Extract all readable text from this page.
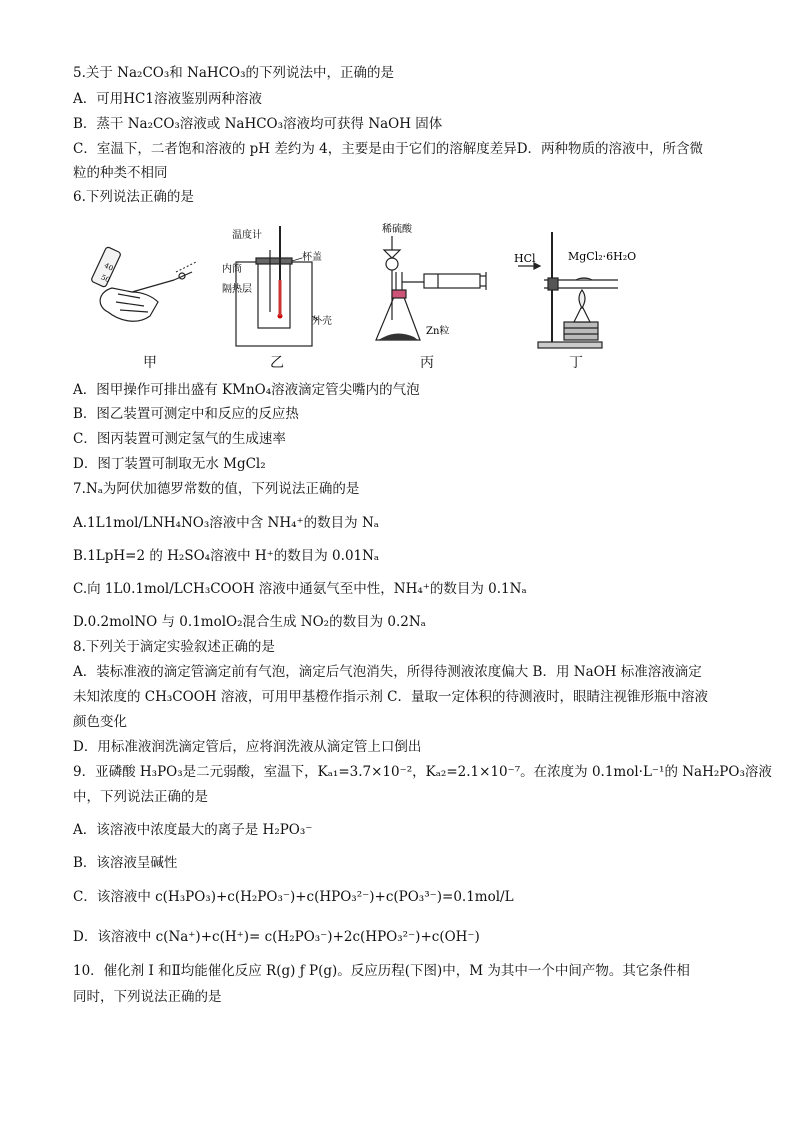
5.关于 Na₂CO₃和 NaHCO₃的下列说法中，正确的是
A．可用HC1溶液鉴别两种溶液
B．蒸干 Na₂CO₃溶液或 NaHCO₃溶液均可获得 NaOH 固体
C．室温下，二者饱和溶液的 pH 差约为 4，主要是由于它们的溶解度差异D．两种物质的溶液中，所含微
粒的种类不相同
6.下列说法正确的是
40
50
甲
温度计
杯盖
内筒
隔热层
外壳
乙
稀硫酸
Zn粒
丙
HCl	MgCl₂·6H₂O
丁
A．图甲操作可排出盛有 KMnO₄溶液滴定管尖嘴内的气泡
B．图乙装置可测定中和反应的反应热
C．图丙装置可测定氢气的生成速率
D．图丁装置可制取无水 MgCl₂
7.Nₐ为阿伏加德罗常数的值，下列说法正确的是
A.1L1mol/LNH₄NO₃溶液中含 NH₄⁺的数目为 Nₐ
B.1LpH=2 的 H₂SO₄溶液中 H⁺的数目为 0.01Nₐ
C.向 1L0.1mol/LCH₃COOH 溶液中通氨气至中性，NH₄⁺的数目为 0.1Nₐ
D.0.2molNO 与 0.1molO₂混合生成 NO₂的数目为 0.2Nₐ
8.下列关于滴定实验叙述正确的是
A．装标准液的滴定管滴定前有气泡，滴定后气泡消失，所得待测液浓度偏大 B．用 NaOH 标准溶液滴定
未知浓度的 CH₃COOH 溶液，可用甲基橙作指示剂 C．量取一定体积的待测液时，眼睛注视锥形瓶中溶液
颜色变化
D．用标准液润洗滴定管后，应将润洗液从滴定管上口倒出
9．亚磷酸 H₃PO₃是二元弱酸，室温下，Kₐ₁=3.7×10⁻²，Kₐ₂=2.1×10⁻⁷。在浓度为 0.1mol·L⁻¹的 NaH₂PO₃溶液
中，下列说法正确的是
A．该溶液中浓度最大的离子是 H₂PO₃⁻
B．该溶液呈碱性
C．该溶液中 c(H₃PO₃)+c(H₂PO₃⁻)+c(HPO₃²⁻)+c(PO₃³⁻)=0.1mol/L
D．该溶液中 c(Na⁺)+c(H⁺)= c(H₂PO₃⁻)+2c(HPO₃²⁻)+c(OH⁻)
10．催化剂 I 和Ⅱ均能催化反应 R(g) ƒ P(g)。反应历程(下图)中，M 为其中一个中间产物。其它条件相
同时，下列说法正确的是
